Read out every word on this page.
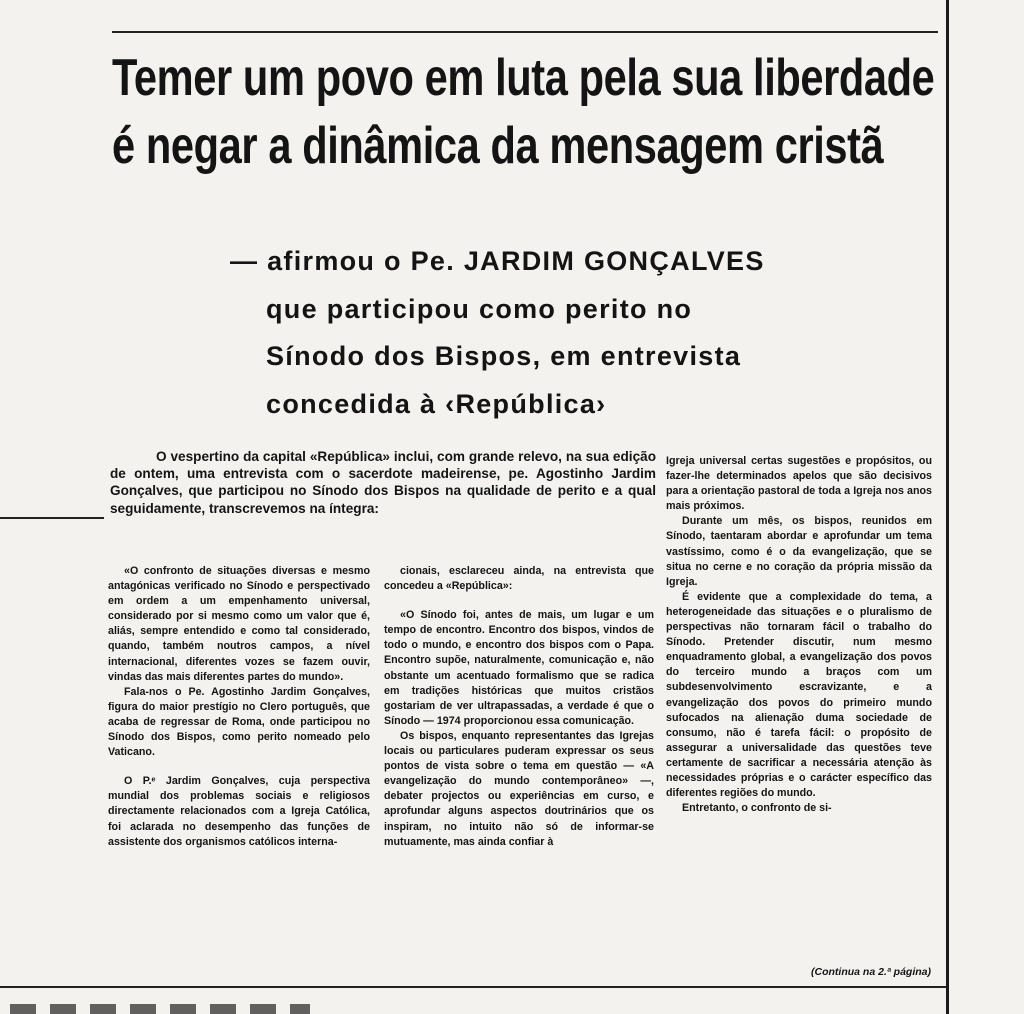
Temer um povo em luta pela sua liberdade
é negar a dinâmica da mensagem cristã
— afirmou o Pe. JARDIM GONÇALVES
que participou como perito no
Sínodo dos Bispos, em entrevista
concedida à ‹República›

O vespertino da capital «República» inclui, com grande relevo, na sua edição de ontem, uma entrevista com o sacerdote madeirense, pe. Agostinho Jardim Gonçalves, que participou no Sínodo dos Bispos na qualidade de perito e a qual seguidamente, transcrevemos na íntegra:

«O confronto de situações diversas e mesmo antagónicas verificado no Sínodo e perspectivado em ordem a um empenhamento universal, considerado por si mesmo como um valor que é, aliás, sempre entendido e como tal considerado, quando, também noutros campos, a nível internacional, diferentes vozes se fazem ouvir, vindas das mais diferentes partes do mundo».

Fala-nos o Pe. Agostinho Jardim Gonçalves, figura do maior prestígio no Clero português, que acaba de regressar de Roma, onde participou no Sínodo dos Bispos, como perito nomeado pelo Vaticano.

O P.ᵉ Jardim Gonçalves, cuja perspectiva mundial dos problemas sociais e religiosos directamente relacionados com a Igreja Católica, foi aclarada no desempenho das funções de assistente dos organismos católicos interna-

cionais, esclareceu ainda, na entrevista que concedeu a «República»:

«O Sínodo foi, antes de mais, um lugar e um tempo de encontro. Encontro dos bispos, vindos de todo o mundo, e encontro dos bispos com o Papa. Encontro supõe, naturalmente, comunicação e, não obstante um acentuado formalismo que se radica em tradições históricas que muitos cristãos gostariam de ver ultrapassadas, a verdade é que o Sínodo — 1974 proporcionou essa comunicação.

Os bispos, enquanto representantes das Igrejas locais ou particulares puderam expressar os seus pontos de vista sobre o tema em questão — «A evangelização do mundo contemporâneo» —, debater projectos ou experiências em curso, e aprofundar alguns aspectos doutrinários que os inspiram, no intuito não só de informar-se mutuamente, mas ainda confiar à

Igreja universal certas sugestões e propósitos, ou fazer-lhe determinados apelos que são decisivos para a orientação pastoral de toda a Igreja nos anos mais próximos.

Durante um mês, os bispos, reunidos em Sínodo, taentaram abordar e aprofundar um tema vastíssimo, como é o da evangelização, que se situa no cerne e no coração da própria missão da Igreja.

É evidente que a complexidade do tema, a heterogeneidade das situações e o pluralismo de perspectivas não tornaram fácil o trabalho do Sínodo. Pretender discutir, num mesmo enquadramento global, a evangelização dos povos do terceiro mundo a braços com um subdesenvolvimento escravizante, e a evangelização dos povos do primeiro mundo sufocados na alienação duma sociedade de consumo, não é tarefa fácil: o propósito de assegurar a universalidade das questões teve certamente de sacrificar a necessária atenção às necessidades próprias e o carácter específico das diferentes regiões do mundo.

Entretanto, o confronto de si-

(Continua na 2.ª página)
